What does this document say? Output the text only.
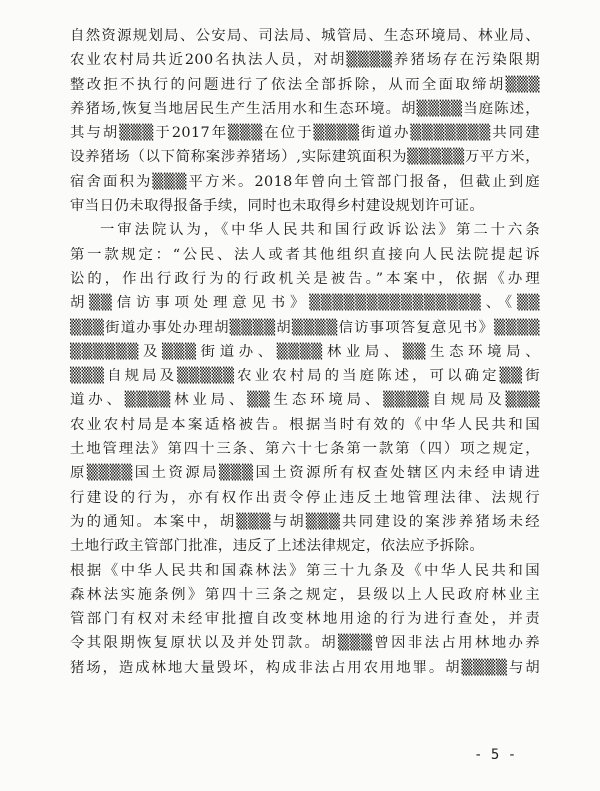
自然资源规划局、公安局、司法局、城管局、生态环境局、林业局、
农业农村局共近200名执法人员，对胡▒▒▒▒养猪场存在污染限期
整改拒不执行的问题进行了依法全部拆除，从而全面取缔胡▒▒▒
养猪场,恢复当地居民生产生活用水和生态环境。胡▒▒▒▒当庭陈述，
其与胡▒▒▒于2017年▒▒▒在位于▒▒▒▒街道办▒▒▒▒▒▒▒共同建
设养猪场（以下简称案涉养猪场）,实际建筑面积为▒▒▒▒▒万平方米，
宿舍面积为▒▒▒平方米。2018年曾向土管部门报备，但截止到庭
审当日仍未取得报备手续，同时也未取得乡村建设规划许可证。
一审法院认为，《中华人民共和国行政诉讼法》第二十六条
第一款规定：“公民、法人或者其他组织直接向人民法院提起诉
讼的，作出行政行为的行政机关是被告。”本案中，依据《办理
胡▒▒信访事项处理意见书》▒▒▒▒▒▒▒▒▒▒▒▒▒▒▒、《▒▒
▒▒▒街道办事处办理胡▒▒▒▒胡▒▒▒▒信访事项答复意见书》▒▒▒▒
▒▒▒▒▒▒及▒▒▒街道办、▒▒▒▒林业局、▒▒生态环境局、
▒▒▒自规局及▒▒▒▒▒农业农村局的当庭陈述，可以确定▒▒街
道办、▒▒▒▒林业局、▒▒生态环境局、▒▒▒▒自规局及▒▒▒
农业农村局是本案适格被告。根据当时有效的《中华人民共和国
土地管理法》第四十三条、第六十七条第一款第（四）项之规定，
原▒▒▒▒国土资源局▒▒▒国土资源所有权查处辖区内未经申请进
行建设的行为，亦有权作出责令停止违反土地管理法律、法规行
为的通知。本案中，胡▒▒▒与胡▒▒▒共同建设的案涉养猪场未经
土地行政主管部门批准，违反了上述法律规定，依法应予拆除。
根据《中华人民共和国森林法》第三十九条及《中华人民共和国
森林法实施条例》第四十三条之规定，县级以上人民政府林业主
管部门有权对未经审批擅自改变林地用途的行为进行查处，并责
令其限期恢复原状以及并处罚款。胡▒▒▒曾因非法占用林地办养
猪场，造成林地大量毁坏，构成非法占用农用地罪。胡▒▒▒▒与胡
- 5 -
